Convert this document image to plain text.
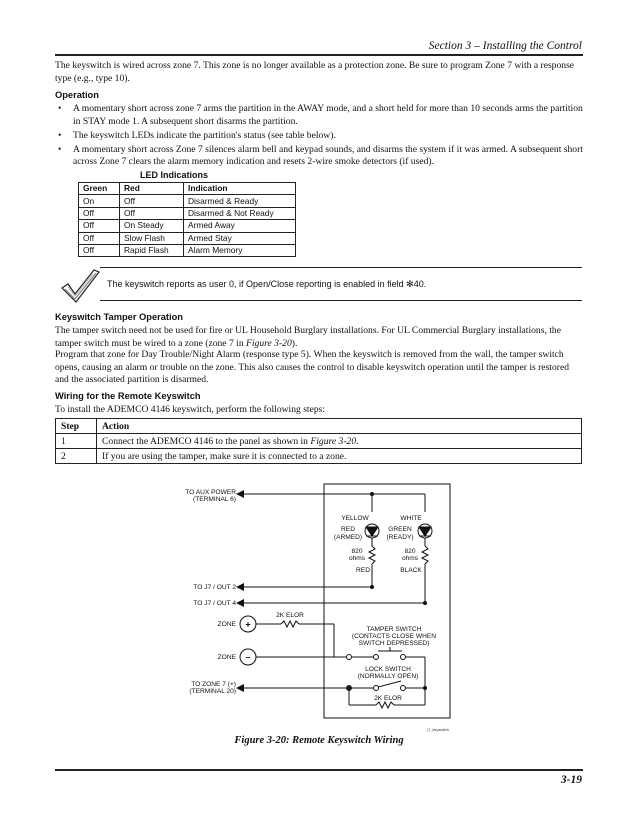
Section 3 – Installing the Control
The keyswitch is wired across zone 7. This zone is no longer available as a protection zone. Be sure to program Zone 7 with a response type (e.g., type 10).
Operation
• A momentary short across zone 7 arms the partition in the AWAY mode, and a short held for more than 10 seconds arms the partition in STAY mode 1. A subsequent short disarms the partition.
• The keyswitch LEDs indicate the partition's status (see table below).
• A momentary short across Zone 7 silences alarm bell and keypad sounds, and disarms the system if it was armed. A subsequent short across Zone 7 clears the alarm memory indication and resets 2-wire smoke detectors (if used).
LED Indications
Green	Red	Indication
On	Off	Disarmed & Ready
Off	Off	Disarmed & Not Ready
Off	On Steady	Armed Away
Off	Slow Flash	Armed Stay
Off	Rapid Flash	Alarm Memory
The keyswitch reports as user 0, if Open/Close reporting is enabled in field ✻40.
Keyswitch Tamper Operation
The tamper switch need not be used for fire or UL Household Burglary installations. For UL Commercial Burglary installations, the tamper switch must be wired to a zone (zone 7 in Figure 3-20).
Program that zone for Day Trouble/Night Alarm (response type 5). When the keyswitch is removed from the wall, the tamper switch opens, causing an alarm or trouble on the zone. This also causes the control to disable keyswitch operation until the tamper is restored and the associated partition is disarmed.
Wiring for the Remote Keyswitch
To install the ADEMCO 4146 keyswitch, perform the following steps:
Step	Action
1	Connect the ADEMCO 4146 to the panel as shown in Figure 3-20.
2	If you are using the tamper, make sure it is connected to a zone.
TO AUX POWER
(TERMINAL 6)
YELLOW	WHITE
RED
(ARMED)
GREEN
(READY)
820
ohms
820
ohms
RED	BLACK
TO J7 / OUT 2
TO J7 / OUT 4
2K ELOR
ZONE
ZONE
TAMPER SWITCH
(CONTACTS CLOSE WHEN
SWITCH DEPRESSED)
LOCK SWITCH
(NORMALLY OPEN)
2K ELOR
TO ZONE 7 (+)
(TERMINAL 20)
+
–
j7_keyswitch
Figure 3-20: Remote Keyswitch Wiring
3-19
